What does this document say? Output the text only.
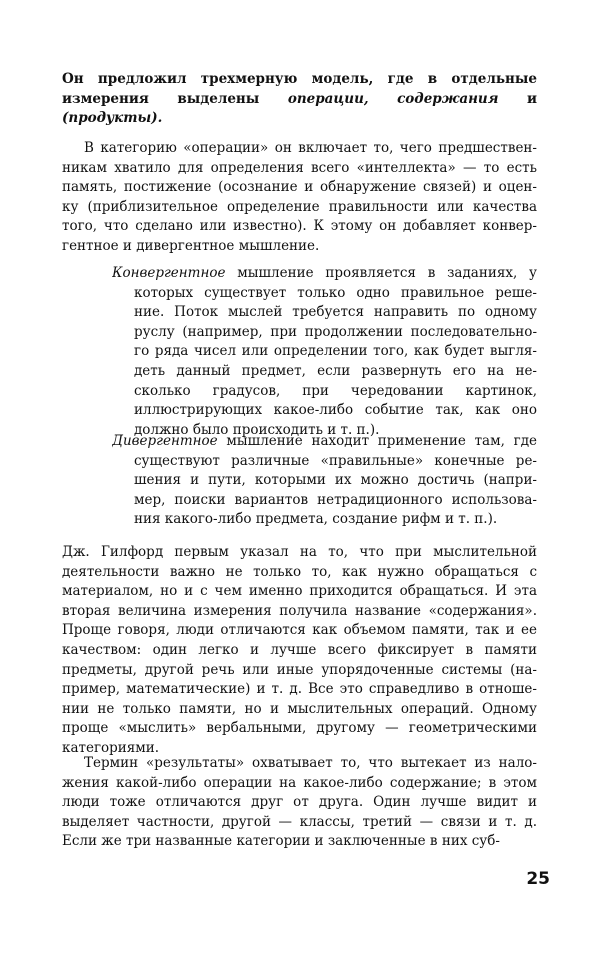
Он предложил трехмерную модель, где в отдельные
измерения выделены операции, содержания и
(продукты).
В категорию «операции» он включает то, чего предшествен-
никам хватило для определения всего «интеллекта» — то есть
память, постижение (осознание и обнаружение связей) и оцен-
ку (приблизительное определение правильности или качества
того, что сделано или известно). К этому он добавляет конвер-
гентное и дивергентное мышление.
Конвергентное мышление проявляется в заданиях, у
которых существует только одно правильное реше-
ние. Поток мыслей требуется направить по одному
руслу (например, при продолжении последовательно-
го ряда чисел или определении того, как будет выгля-
деть данный предмет, если развернуть его на не-
сколько градусов, при чередовании картинок,
иллюстрирующих какое-либо событие так, как оно
должно было происходить и т. п.).
Дивергентное мышление находит применение там, где
существуют различные «правильные» конечные ре-
шения и пути, которыми их можно достичь (напри-
мер, поиски вариантов нетрадиционного использова-
ния какого-либо предмета, создание рифм и т. п.).
Дж. Гилфорд первым указал на то, что при мыслительной
деятельности важно не только то, как нужно обращаться с
материалом, но и с чем именно приходится обращаться. И эта
вторая величина измерения получила название «содержания».
Проще говоря, люди отличаются как объемом памяти, так и ее
качеством: один легко и лучше всего фиксирует в памяти
предметы, другой речь или иные упорядоченные системы (на-
пример, математические) и т. д. Все это справедливо в отноше-
нии не только памяти, но и мыслительных операций. Одному
проще «мыслить» вербальными, другому — геометрическими
категориями.
Термин «результаты» охватывает то, что вытекает из нало-
жения какой-либо операции на какое-либо содержание; в этом
люди тоже отличаются друг от друга. Один лучше видит и
выделяет частности, другой — классы, третий — связи и т. д.
Если же три названные категории и заключенные в них суб-
25
